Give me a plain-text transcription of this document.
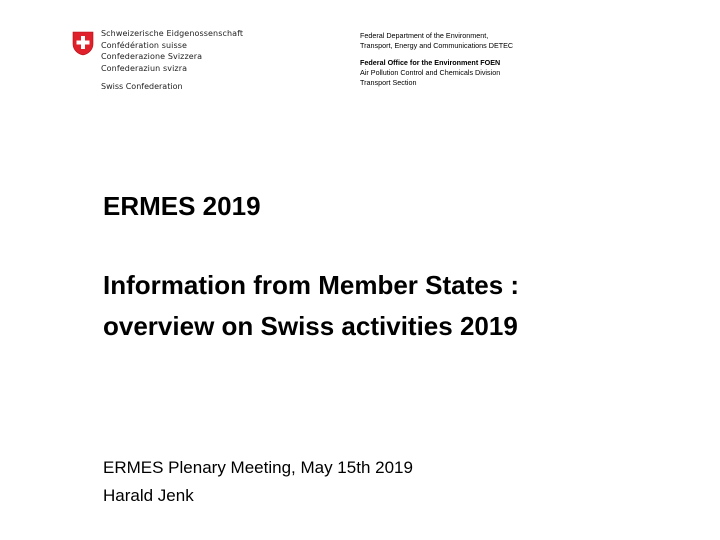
Schweizerische Eidgenossenschaft
Confédération suisse
Confederazione Svizzera
Confederaziun svizra
Swiss Confederation
Federal Department of the Environment,
Transport, Energy and Communications DETEC
Federal Office for the Environment FOEN
Air Pollution Control and Chemicals Division
Transport Section
ERMES 2019
Information from Member States :
overview on Swiss activities 2019
ERMES Plenary Meeting, May 15th 2019
Harald Jenk
